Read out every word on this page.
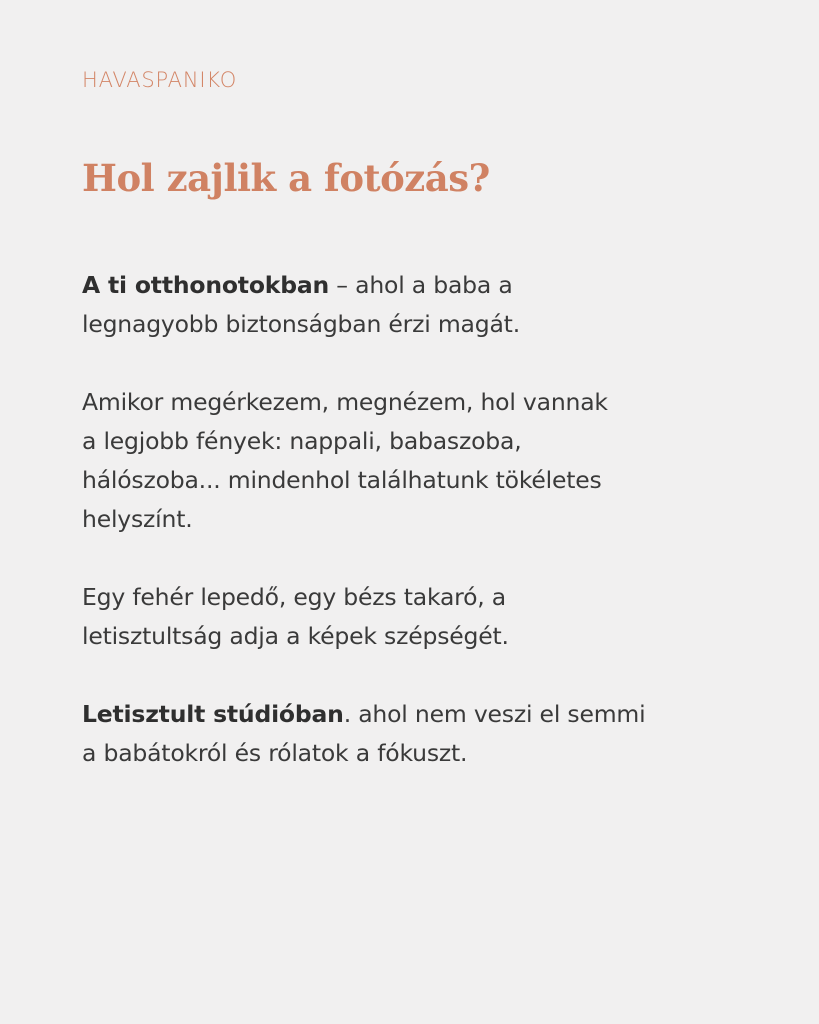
HAVASPANIKO
Hol zajlik a fotózás?

A ti otthonotokban – ahol a baba a
legnagyobb biztonságban érzi magát.

Amikor megérkezem, megnézem, hol vannak
a legjobb fények: nappali, babaszoba,
hálószoba... mindenhol találhatunk tökéletes
helyszínt.

Egy fehér lepedő, egy bézs takaró, a
letisztultság adja a képek szépségét.

Letisztult stúdióban. ahol nem veszi el semmi
a babátokról és rólatok a fókuszt.
